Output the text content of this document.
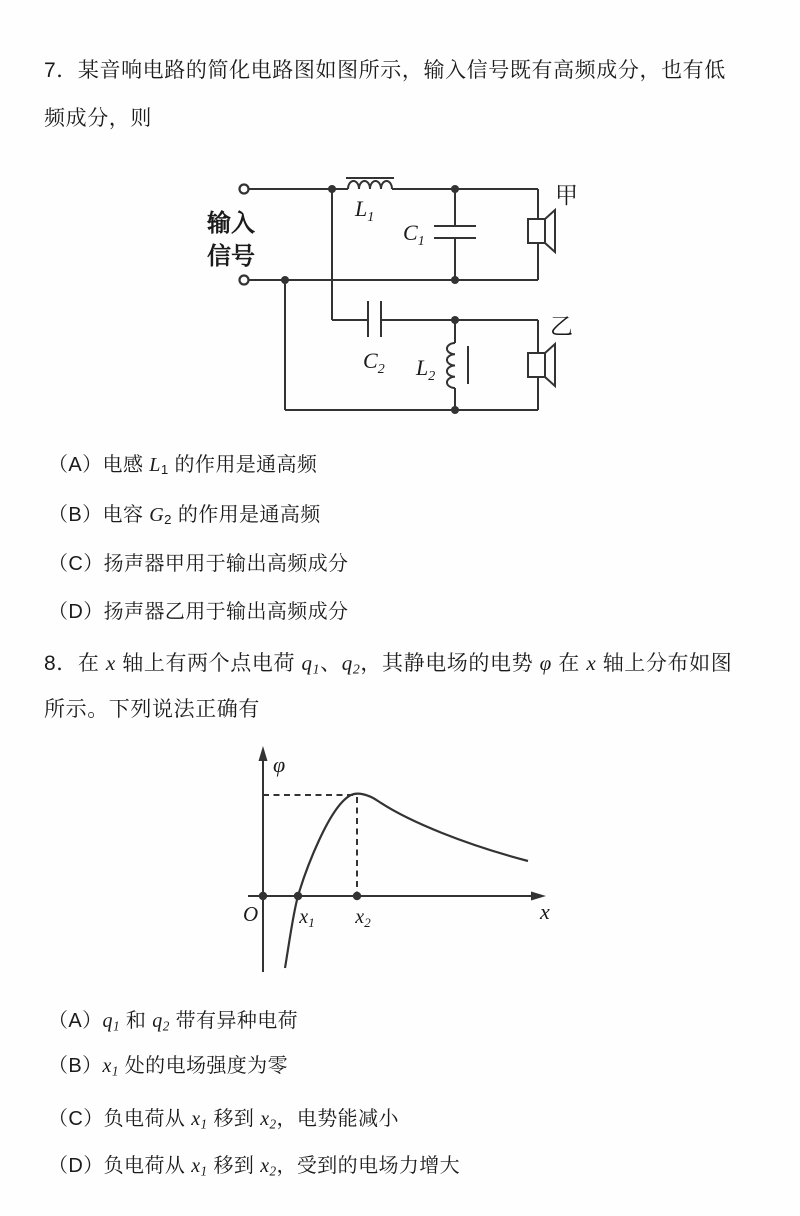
7．某音响电路的简化电路图如图所示，输入信号既有高频成分，也有低
频成分，则
输入
信号
$L_1$
$C_1$
$C_2$ $L_2$
甲
乙
（A）电感 L1 的作用是通高频
（B）电容 G2 的作用是通高频
（C）扬声器甲用于输出高频成分
（D）扬声器乙用于输出高频成分
8．在 x 轴上有两个点电荷 q1、q2，其静电场的电势 φ 在 x 轴上分布如图
所示。下列说法正确有
φ
x
O $x_1$ $x_2$
（A）q1 和 q2 带有异种电荷
（B）x1 处的电场强度为零
（C）负电荷从 x1 移到 x2，电势能减小
（D）负电荷从 x1 移到 x2，受到的电场力增大
